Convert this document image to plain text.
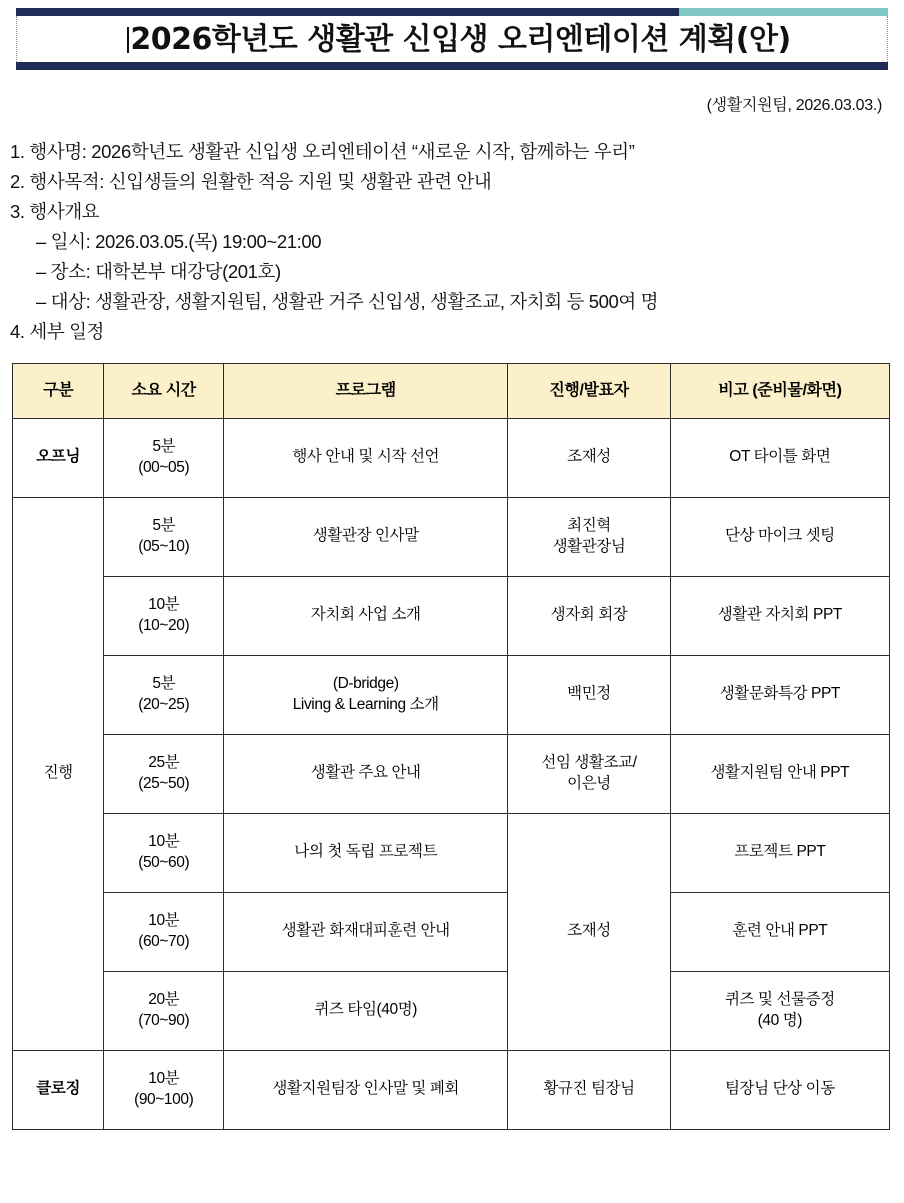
2026학년도 생활관 신입생 오리엔테이션 계획(안)
(생활지원팀, 2026.03.03.)
1. 행사명: 2026학년도 생활관 신입생 오리엔테이션 “새로운 시작, 함께하는 우리”
2. 행사목적: 신입생들의 원활한 적응 지원 및 생활관 관련 안내
3. 행사개요
– 일시: 2026.03.05.(목) 19:00~21:00
– 장소: 대학본부 대강당(201호)
– 대상: 생활관장, 생활지원팀, 생활관 거주 신입생, 생활조교, 자치회 등 500여 명
4. 세부 일정
구분	소요 시간	프로그램	진행/발표자	비고 (준비물/화면)
오프닝	5분
(00~05)	행사 안내 및 시작 선언	조재성	OT 타이틀 화면
진행	5분
(05~10)	생활관장 인사말	최진혁
생활관장님	단상 마이크 셋팅

	10분
(10~20)	자치회 사업 소개	생자회 회장	생활관 자치회 PPT

	5분
(20~25)	(D-bridge)
Living & Learning 소개	백민정	생활문화특강 PPT

	25분
(25~50)	생활관 주요 안내	선임 생활조교/
이은녕	생활지원팀 안내 PPT

	10분
(50~60)	나의 첫 독립 프로젝트	조재성	프로젝트 PPT

	10분
(60~70)	생활관 화재대피훈련 안내		훈련 안내 PPT

	20분
(70~90)	퀴즈 타임(40명)		퀴즈 및 선물증정
(40 명)

클로징	10분
(90~100)	생활지원팀장 인사말 및 폐회	황규진 팀장님	팀장님 단상 이동
